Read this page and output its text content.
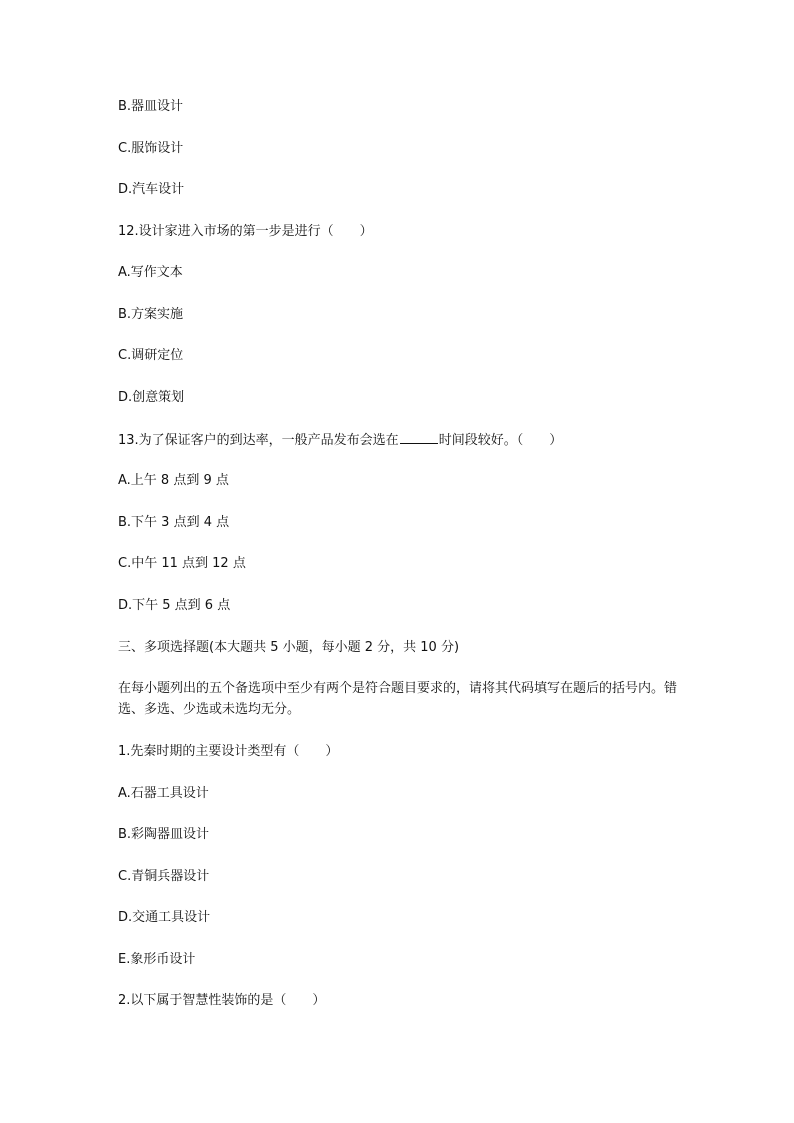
B.器皿设计
C.服饰设计
D.汽车设计
12.设计家进入市场的第一步是进行（　　）
A.写作文本
B.方案实施
C.调研定位
D.创意策划
13.为了保证客户的到达率，一般产品发布会选在	时间段较好。（　　）
A.上午 8 点到 9 点
B.下午 3 点到 4 点
C.中午 11 点到 12 点
D.下午 5 点到 6 点
三、多项选择题(本大题共 5 小题，每小题 2 分，共 10 分)
在每小题列出的五个备选项中至少有两个是符合题目要求的，请将其代码填写在题后的括号内。错选、多选、少选或未选均无分。
1.先秦时期的主要设计类型有（　　）
A.石器工具设计
B.彩陶器皿设计
C.青铜兵器设计
D.交通工具设计
E.象形币设计
2.以下属于智慧性装饰的是（　　）
